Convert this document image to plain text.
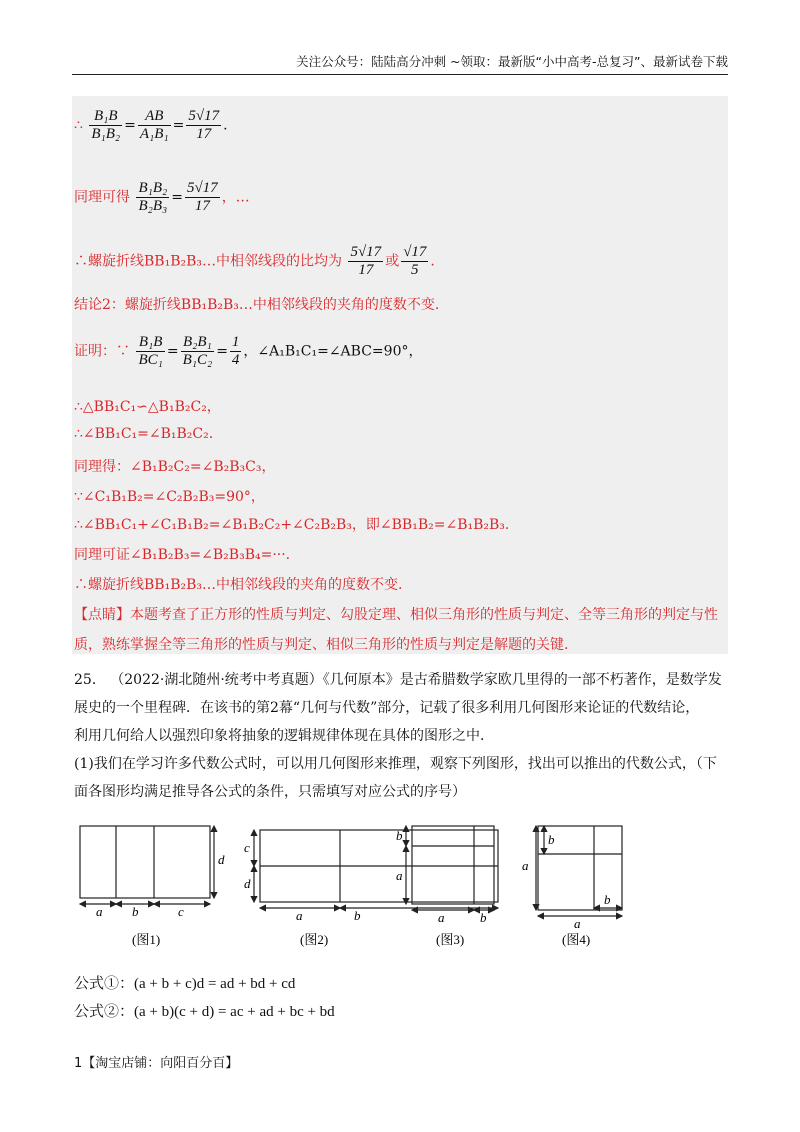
关注公众号：陆陆高分冲刺 ~领取：最新版“小中高考-总复习”、最新试卷下载
∴ $\frac{\text{B₁B}}{\text{B₁B₂}} = \frac{AB}{\text{A₁B₁}} = \frac{5√17}{17}$ .
同理可得 $\frac{\text{B₁B₂}}{\text{B₂B₃}} = \frac{5√17}{17}$ ，…
∴螺旋折线BB₁B₂B₃…中相邻线段的比均为 $\frac{5√17}{17}$ 或 $\frac{√17}{5}$ .
结论2：螺旋折线BB₁B₂B₃…中相邻线段的夹角的度数不变.
证明：∵ $\frac{\text{B₁B}}{\text{BC₁}} = \frac{\text{B₂B₁}}{\text{B₁C₂}} = \frac{1}{4}$ ，∠A₁B₁C₁=∠ABC=90°，
∴△BB₁C₁∽△B₁B₂C₂，
∴∠BB₁C₁=∠B₁B₂C₂.
同理得：∠B₁B₂C₂=∠B₂B₃C₃，
∵∠C₁B₁B₂=∠C₂B₂B₃=90°，
∴∠BB₁C₁+∠C₁B₁B₂=∠B₁B₂C₂+∠C₂B₂B₃，即∠BB₁B₂=∠B₁B₂B₃.
同理可证∠B₁B₂B₃=∠B₂B₃B₄=···.
∴螺旋折线BB₁B₂B₃…中相邻线段的夹角的度数不变.
【点睛】本题考查了正方形的性质与判定、勾股定理、相似三角形的性质与判定、全等三角形的判定与性
质，熟练掌握全等三角形的性质与判定、相似三角形的性质与判定是解题的关键.
25． （2022·湖北随州·统考中考真题）《几何原本》是古希腊数学家欧几里得的一部不朽著作，是数学发
展史的一个里程碑．在该书的第2幕“几何与代数”部分，记载了很多利用几何图形来论证的代数结论，
利用几何给人以强烈印象将抽象的逻辑规律体现在具体的图形之中．
(1)我们在学习许多代数公式时，可以用几何图形来推理，观察下列图形，找出可以推出的代数公式，（下
面各图形均满足推导各公式的条件，只需填写对应公式的序号）
d
a b	c
(图1)
c
d
a	b
(图2)
b
a
a	b
(图3)
a
b
a
b
(图4)
公式①：(a + b + c)d = ad + bd + cd
公式②：(a + b)(c + d) = ac + ad + bc + bd
1【淘宝店铺：向阳百分百】
